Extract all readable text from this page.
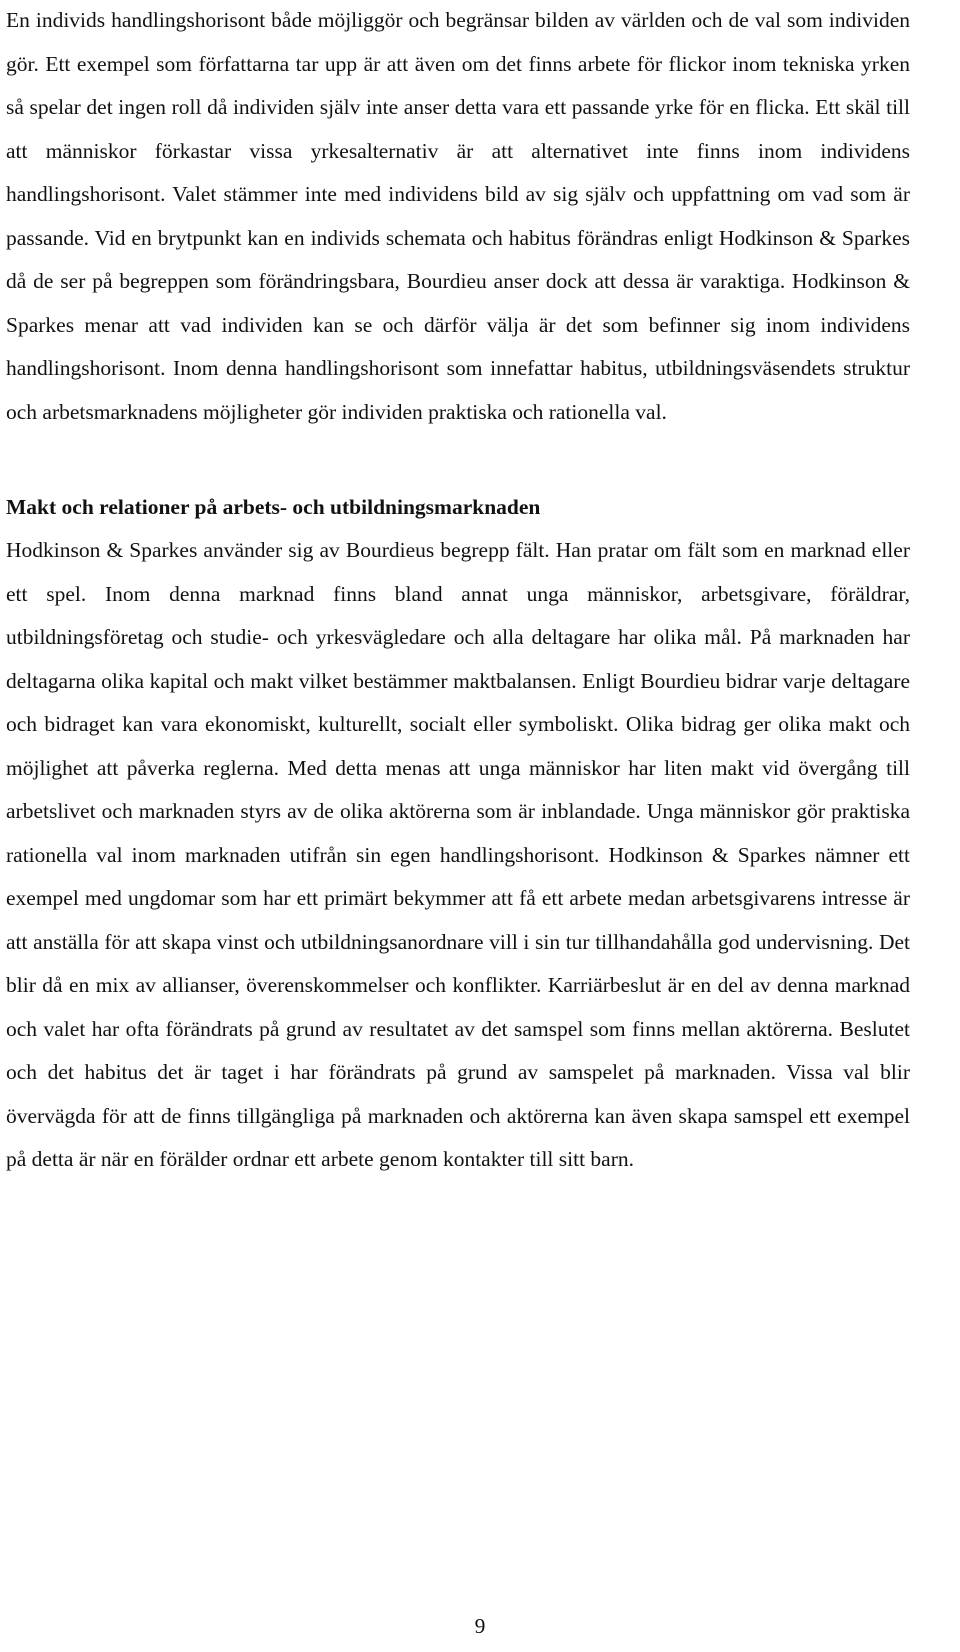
En individs handlingshorisont både möjliggör och begränsar bilden av världen och de val som individen gör. Ett exempel som författarna tar upp är att även om det finns arbete för flickor inom tekniska yrken så spelar det ingen roll då individen själv inte anser detta vara ett passande yrke för en flicka. Ett skäl till att människor förkastar vissa yrkesalternativ är att alternativet inte finns inom individens handlingshorisont. Valet stämmer inte med individens bild av sig själv och uppfattning om vad som är passande. Vid en brytpunkt kan en individs schemata och habitus förändras enligt Hodkinson & Sparkes då de ser på begreppen som förändringsbara, Bourdieu anser dock att dessa är varaktiga. Hodkinson & Sparkes menar att vad individen kan se och därför välja är det som befinner sig inom individens handlingshorisont. Inom denna handlingshorisont som innefattar habitus, utbildningsväsendets struktur och arbetsmarknadens möjligheter gör individen praktiska och rationella val.

Makt och relationer på arbets- och utbildningsmarknaden

Hodkinson & Sparkes använder sig av Bourdieus begrepp fält. Han pratar om fält som en marknad eller ett spel. Inom denna marknad finns bland annat unga människor, arbetsgivare, föräldrar, utbildningsföretag och studie- och yrkesvägledare och alla deltagare har olika mål. På marknaden har deltagarna olika kapital och makt vilket bestämmer maktbalansen. Enligt Bourdieu bidrar varje deltagare och bidraget kan vara ekonomiskt, kulturellt, socialt eller symboliskt. Olika bidrag ger olika makt och möjlighet att påverka reglerna. Med detta menas att unga människor har liten makt vid övergång till arbetslivet och marknaden styrs av de olika aktörerna som är inblandade. Unga människor gör praktiska rationella val inom marknaden utifrån sin egen handlingshorisont. Hodkinson & Sparkes nämner ett exempel med ungdomar som har ett primärt bekymmer att få ett arbete medan arbetsgivarens intresse är att anställa för att skapa vinst och utbildningsanordnare vill i sin tur tillhandahålla god undervisning. Det blir då en mix av allianser, överenskommelser och konflikter. Karriärbeslut är en del av denna marknad och valet har ofta förändrats på grund av resultatet av det samspel som finns mellan aktörerna. Beslutet och det habitus det är taget i har förändrats på grund av samspelet på marknaden. Vissa val blir övervägda för att de finns tillgängliga på marknaden och aktörerna kan även skapa samspel ett exempel på detta är när en förälder ordnar ett arbete genom kontakter till sitt barn.

9
